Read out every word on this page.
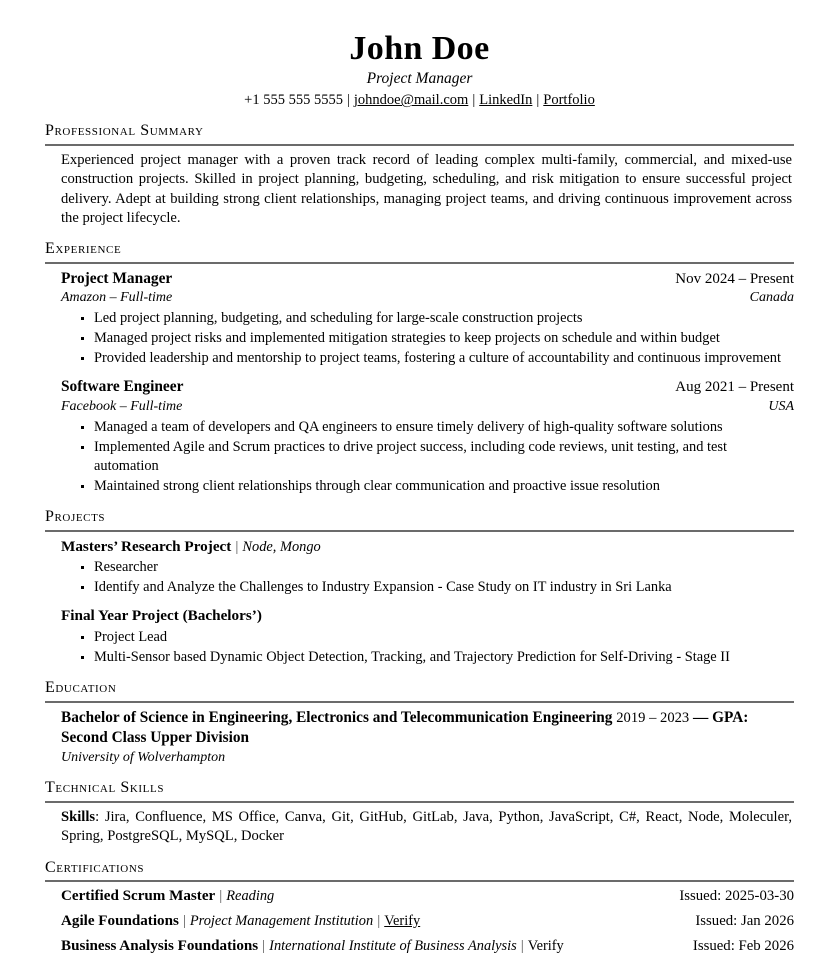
John Doe
Project Manager
+1 555 555 5555 | johndoe@mail.com | LinkedIn | Portfolio
Professional Summary

Experienced project manager with a proven track record of leading complex multi-family, commercial, and mixed-use construction projects. Skilled in project planning, budgeting, scheduling, and risk mitigation to ensure successful project delivery. Adept at building strong client relationships, managing project teams, and driving continuous improvement across the project lifecycle.

Experience
Project Manager	Nov 2024 – Present
Amazon – Full-time	Canada
Led project planning, budgeting, and scheduling for large-scale construction projects
Managed project risks and implemented mitigation strategies to keep projects on schedule and within budget
Provided leadership and mentorship to project teams, fostering a culture of accountability and continuous improvement
Software Engineer	Aug 2021 – Present
Facebook – Full-time	USA
Managed a team of developers and QA engineers to ensure timely delivery of high-quality software solutions
Implemented Agile and Scrum practices to drive project success, including code reviews, unit testing, and test automation
Maintained strong client relationships through clear communication and proactive issue resolution
Projects
Masters’ Research Project | Node, Mongo
Researcher
Identify and Analyze the Challenges to Industry Expansion - Case Study on IT industry in Sri Lanka
Final Year Project (Bachelors’)
Project Lead
Multi-Sensor based Dynamic Object Detection, Tracking, and Trajectory Prediction for Self-Driving - Stage II
Education
Bachelor of Science in Engineering, Electronics and Telecommunication Engineering 2019 – 2023 — GPA: Second Class Upper Division
University of Wolverhampton
Technical Skills

Skills: Jira, Confluence, MS Office, Canva, Git, GitHub, GitLab, Java, Python, JavaScript, C#, React, Node, Moleculer, Spring, PostgreSQL, MySQL, Docker

Certifications
Certified Scrum Master | Reading	Issued: 2025-03-30
Agile Foundations | Project Management Institution | Verify	Issued: Jan 2026
Business Analysis Foundations | International Institute of Business Analysis | Verify	Issued: Feb 2026
